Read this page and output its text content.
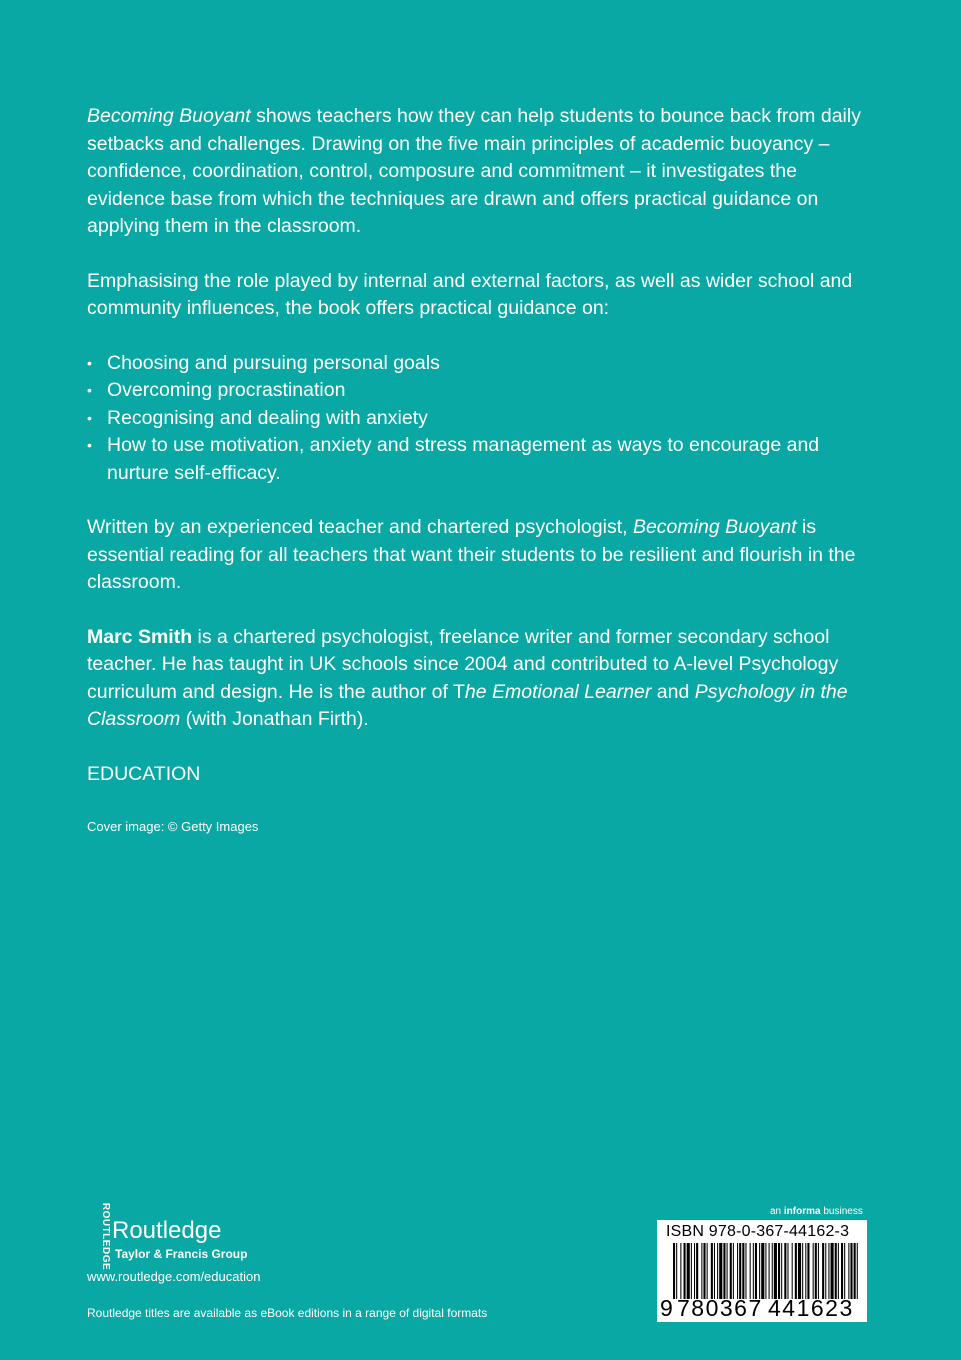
Becoming Buoyant shows teachers how they can help students to bounce back from daily setbacks and challenges. Drawing on the five main principles of academic buoyancy – confidence, coordination, control, composure and commitment – it investigates the evidence base from which the techniques are drawn and offers practical guidance on applying them in the classroom.

Emphasising the role played by internal and external factors, as well as wider school and community influences, the book offers practical guidance on:

• Choosing and pursuing personal goals
• Overcoming procrastination
• Recognising and dealing with anxiety
• How to use motivation, anxiety and stress management as ways to encourage and nurture self-efficacy.

Written by an experienced teacher and chartered psychologist, Becoming Buoyant is essential reading for all teachers that want their students to be resilient and flourish in the classroom.

Marc Smith is a chartered psychologist, freelance writer and former secondary school teacher. He has taught in UK schools since 2004 and contributed to A-level Psychology curriculum and design. He is the author of The Emotional Learner and Psychology in the Classroom (with Jonathan Firth).

EDUCATION
Cover image: © Getty Images
ROUTLEDGE Routledge
Taylor & Francis Group
www.routledge.com/education
Routledge titles are available as eBook editions in a range of digital formats
an informa business
ISBN 978-0-367-44162-3
9 780367 441623
